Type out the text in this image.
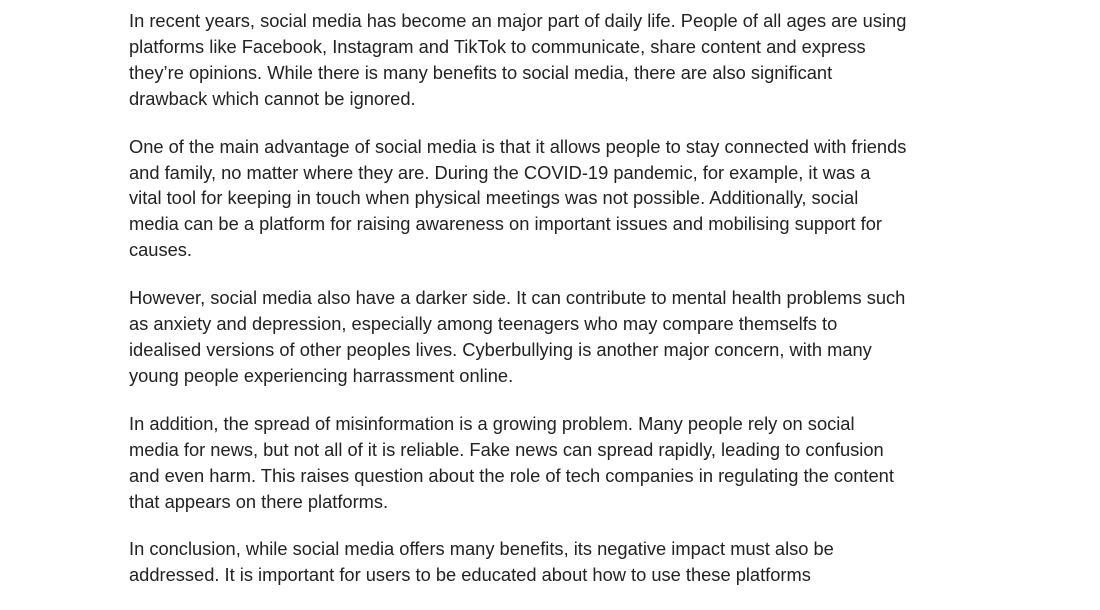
In recent years, social media has become an major part of daily life. People of all ages are using
platforms like Facebook, Instagram and TikTok to communicate, share content and express
they’re opinions. While there is many benefits to social media, there are also significant
drawback which cannot be ignored.

One of the main advantage of social media is that it allows people to stay connected with friends
and family, no matter where they are. During the COVID-19 pandemic, for example, it was a
vital tool for keeping in touch when physical meetings was not possible. Additionally, social
media can be a platform for raising awareness on important issues and mobilising support for
causes.

However, social media also have a darker side. It can contribute to mental health problems such
as anxiety and depression, especially among teenagers who may compare themselfs to
idealised versions of other peoples lives. Cyberbullying is another major concern, with many
young people experiencing harrassment online.

In addition, the spread of misinformation is a growing problem. Many people rely on social
media for news, but not all of it is reliable. Fake news can spread rapidly, leading to confusion
and even harm. This raises question about the role of tech companies in regulating the content
that appears on there platforms.

In conclusion, while social media offers many benefits, its negative impact must also be
addressed. It is important for users to be educated about how to use these platforms
